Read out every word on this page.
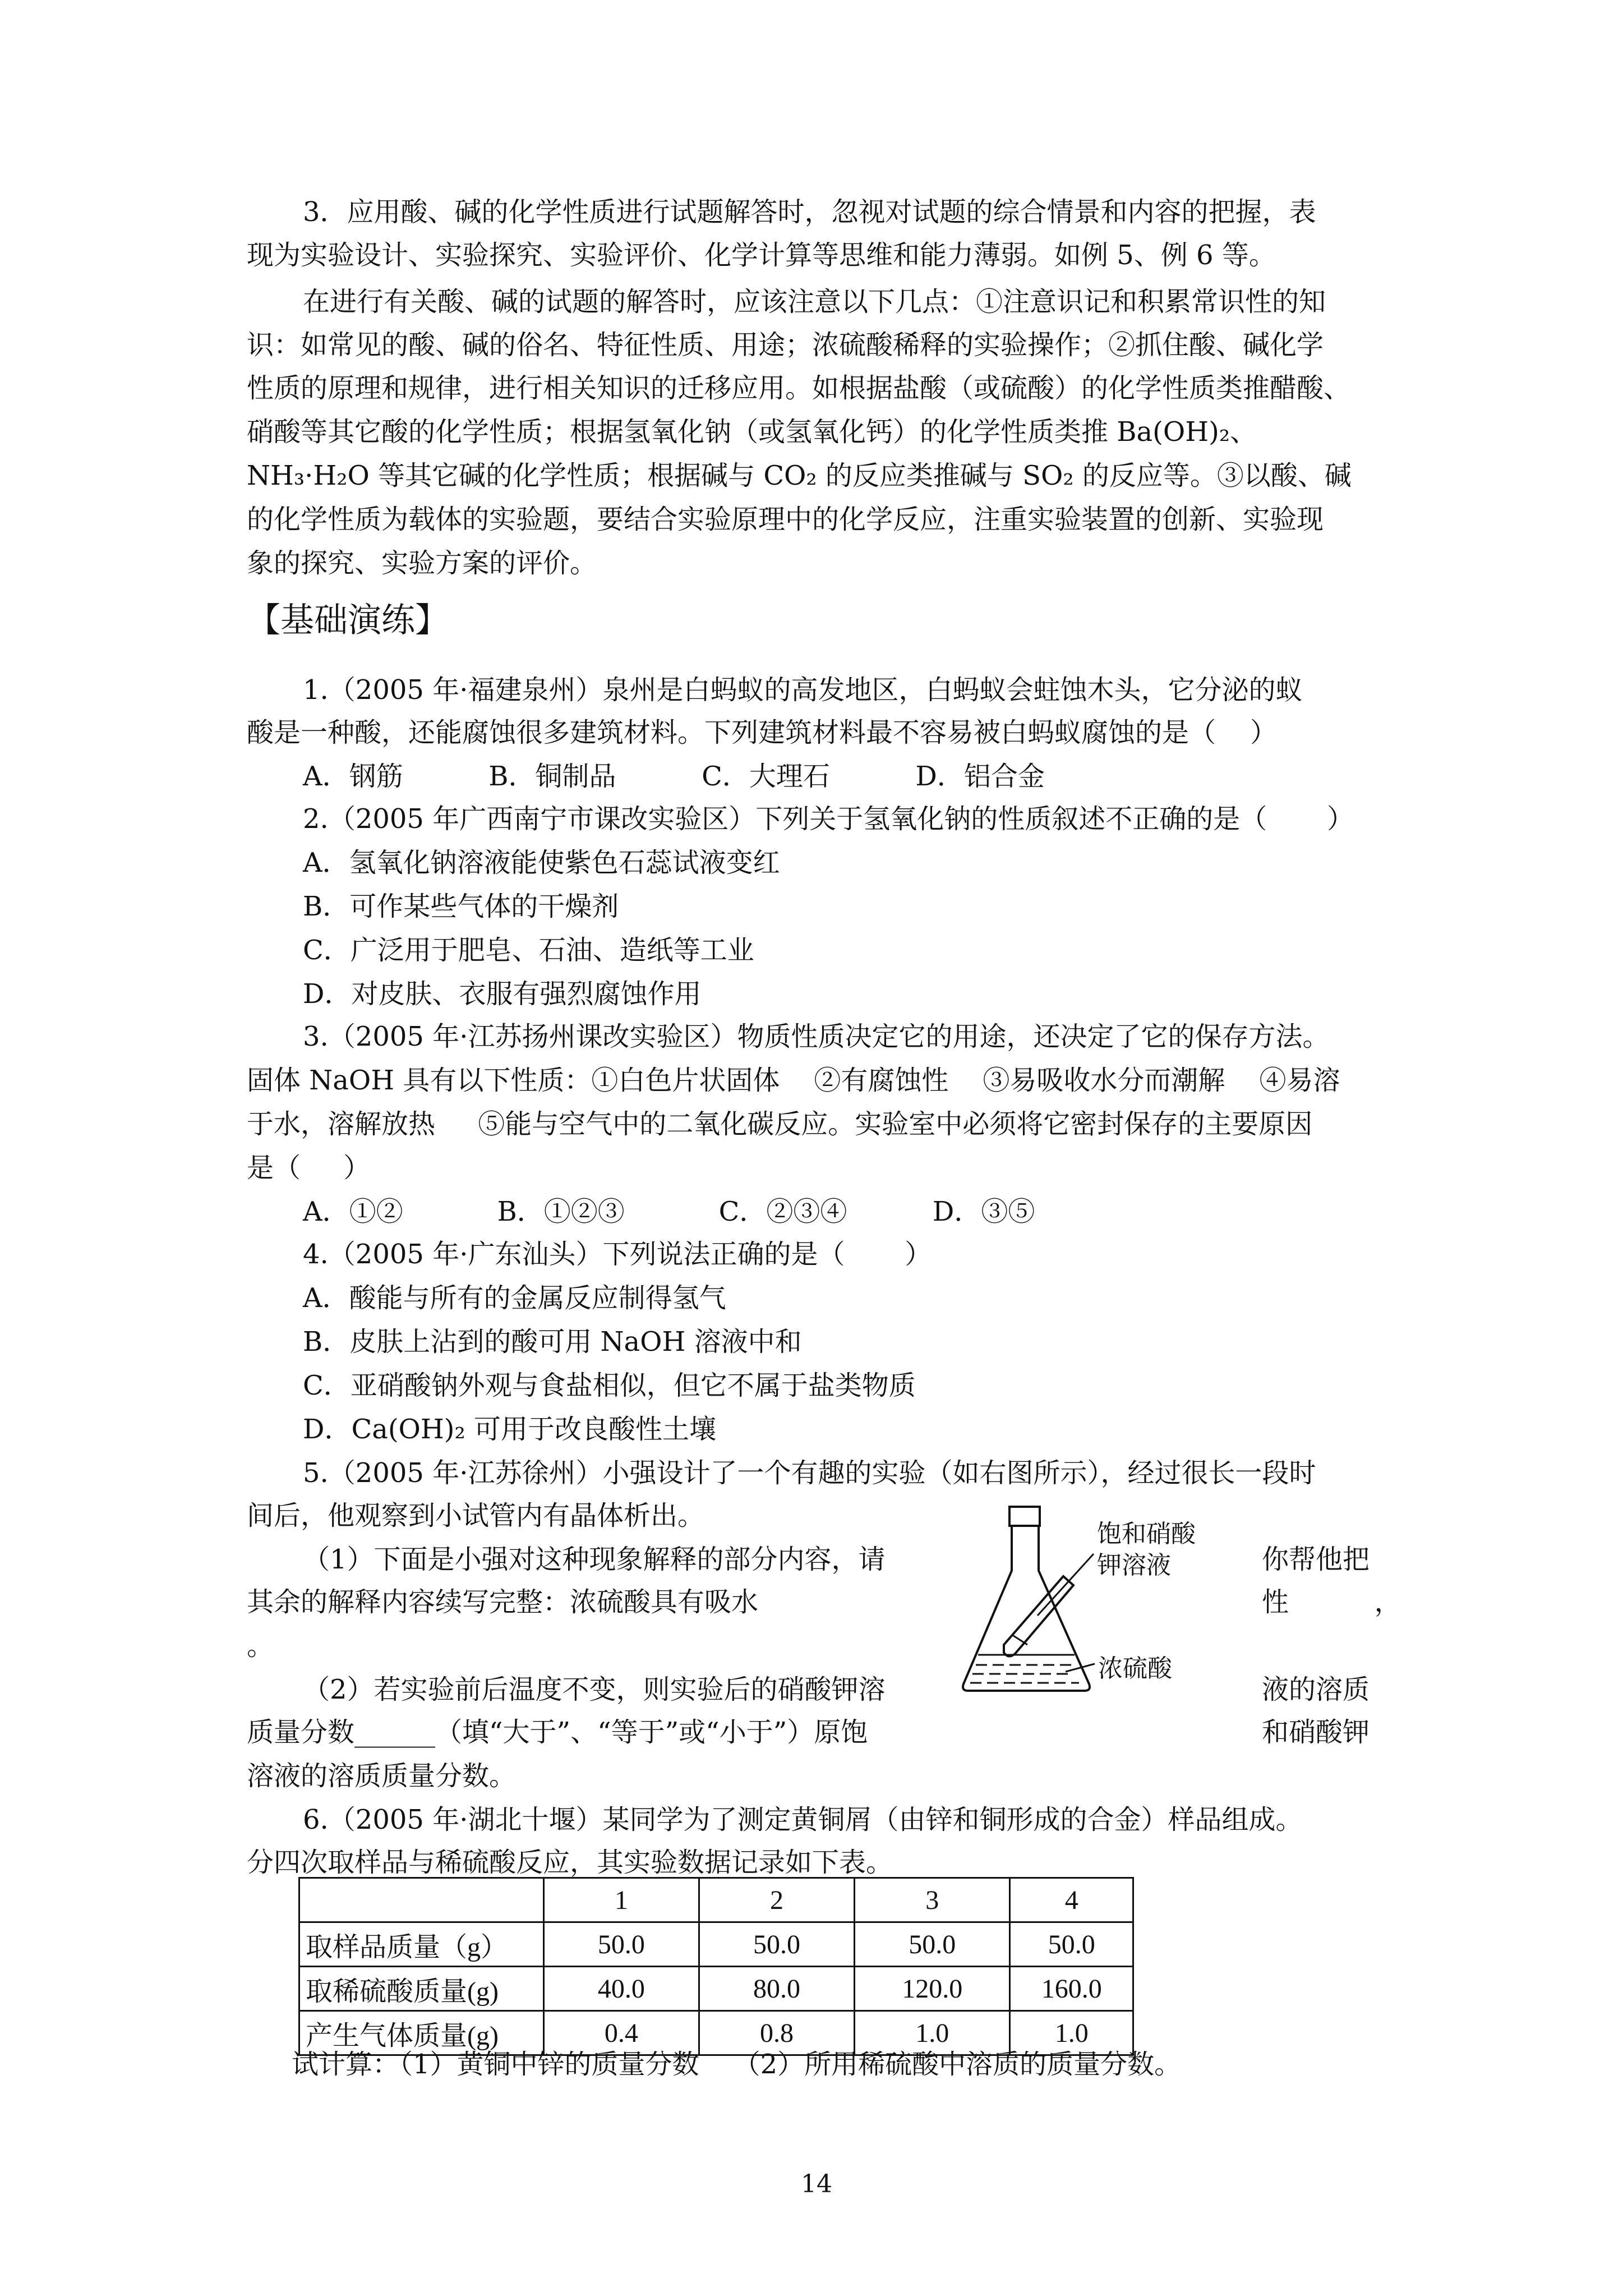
3．应用酸、碱的化学性质进行试题解答时，忽视对试题的综合情景和内容的把握，表
现为实验设计、实验探究、实验评价、化学计算等思维和能力薄弱。如例 5、例 6 等。
在进行有关酸、碱的试题的解答时，应该注意以下几点：①注意识记和积累常识性的知
识：如常见的酸、碱的俗名、特征性质、用途；浓硫酸稀释的实验操作；②抓住酸、碱化学
性质的原理和规律，进行相关知识的迁移应用。如根据盐酸（或硫酸）的化学性质类推醋酸、
硝酸等其它酸的化学性质；根据氢氧化钠（或氢氧化钙）的化学性质类推 Ba(OH)₂、
NH₃·H₂O 等其它碱的化学性质；根据碱与 CO₂ 的反应类推碱与 SO₂ 的反应等。③以酸、碱
的化学性质为载体的实验题，要结合实验原理中的化学反应，注重实验装置的创新、实验现
象的探究、实验方案的评价。
【基础演练】
1.（2005 年·福建泉州）泉州是白蚂蚁的高发地区，白蚂蚁会蛀蚀木头，它分泌的蚁
酸是一种酸，还能腐蚀很多建筑材料。下列建筑材料最不容易被白蚂蚁腐蚀的是（    ）
A．钢筋          B．铜制品          C．大理石          D．铝合金
2.（2005 年广西南宁市课改实验区）下列关于氢氧化钠的性质叙述不正确的是（       ）
A．氢氧化钠溶液能使紫色石蕊试液变红
B．可作某些气体的干燥剂
C．广泛用于肥皂、石油、造纸等工业
D．对皮肤、衣服有强烈腐蚀作用
3.（2005 年·江苏扬州课改实验区）物质性质决定它的用途，还决定了它的保存方法。
固体 NaOH 具有以下性质：①白色片状固体    ②有腐蚀性    ③易吸收水分而潮解    ④易溶
于水，溶解放热     ⑤能与空气中的二氧化碳反应。实验室中必须将它密封保存的主要原因
是（     ）
A．①②           B．①②③           C．②③④          D．③⑤
4.（2005 年·广东汕头）下列说法正确的是（       ）
A．酸能与所有的金属反应制得氢气
B．皮肤上沾到的酸可用 NaOH 溶液中和
C．亚硝酸钠外观与食盐相似，但它不属于盐类物质
D．Ca(OH)₂ 可用于改良酸性土壤
5.（2005 年·江苏徐州）小强设计了一个有趣的实验（如右图所示），经过很长一段时
间后，他观察到小试管内有晶体析出。
（1）下面是小强对这种现象解释的部分内容，请
其余的解释内容续写完整：浓硫酸具有吸水
。
你帮他把
性          ，
（2）若实验前后温度不变，则实验后的硝酸钾溶
质量分数______（填“大于”、“等于”或“小于”）原饱
溶液的溶质质量分数。
液的溶质
和硝酸钾
饱和硝酸
钾溶液
浓硫酸
6.（2005 年·湖北十堰）某同学为了测定黄铜屑（由锌和铜形成的合金）样品组成。
分四次取样品与稀硫酸反应，其实验数据记录如下表。
	1	2	3	4
取样品质量（g）	50.0	50.0	50.0	50.0
取稀硫酸质量(g)	40.0	80.0	120.0	160.0
产生气体质量(g)	0.4	0.8	1.0	1.0
试计算：（1）黄铜中锌的质量分数    （2）所用稀硫酸中溶质的质量分数。
14
